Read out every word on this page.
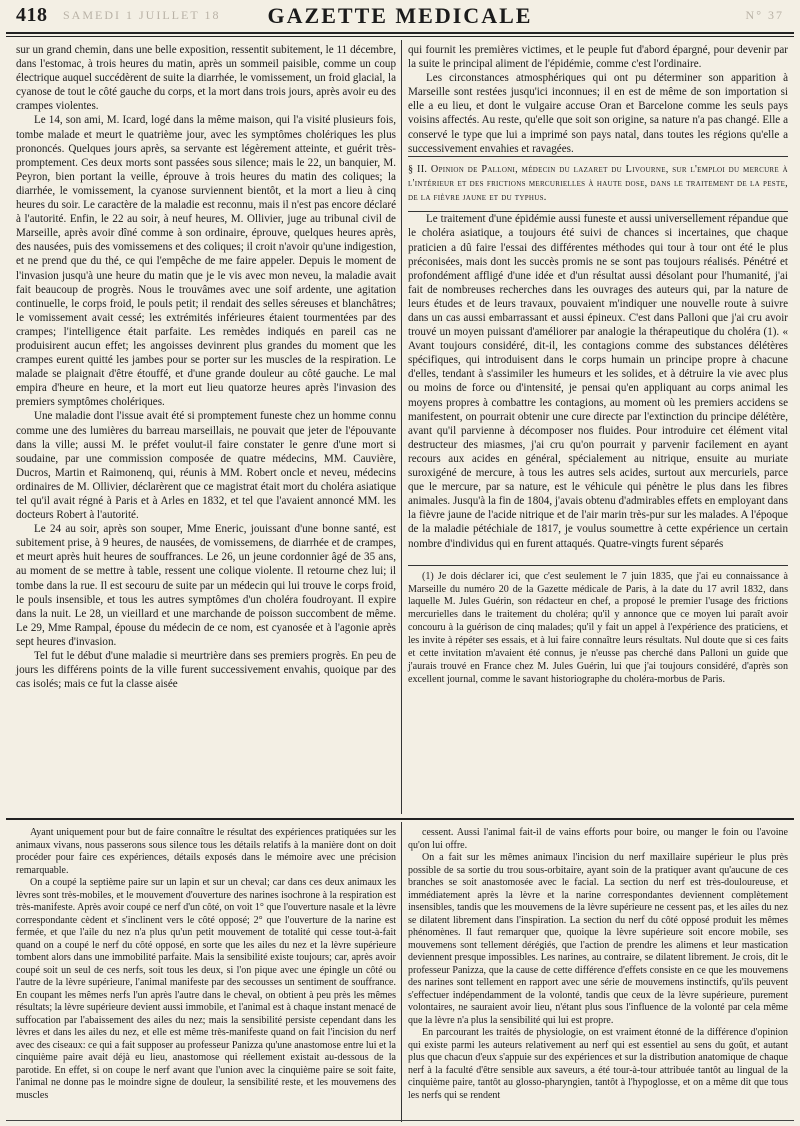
418 SAMEDI 1 JUILLET 18	GAZETTE MEDICALE	N° 37

sur un grand chemin, dans une belle exposition, ressentit subitement, le 11 décembre, dans l'estomac, à trois heures du matin, après un sommeil paisible, comme un coup électrique auquel succédèrent de suite la diarrhée, le vomissement, un froid glacial, la cyanose de tout le côté gauche du corps, et la mort dans trois jours, après avoir eu des crampes violentes.

Le 14, son ami, M. Icard, logé dans la même maison, qui l'a visité plusieurs fois, tombe malade et meurt le quatrième jour, avec les symptômes cholériques les plus prononcés. Quelques jours après, sa servante est légèrement atteinte, et guérit très-promptement. Ces deux morts sont passées sous silence; mais le 22, un banquier, M. Peyron, bien portant la veille, éprouve à trois heures du matin des coliques; la diarrhée, le vomissement, la cyanose surviennent bientôt, et la mort a lieu à cinq heures du soir. Le caractère de la maladie est reconnu, mais il n'est pas encore déclaré à l'autorité. Enfin, le 22 au soir, à neuf heures, M. Ollivier, juge au tribunal civil de Marseille, après avoir dîné comme à son ordinaire, éprouve, quelques heures après, des nausées, puis des vomissemens et des coliques; il croit n'avoir qu'une indigestion, et ne prend que du thé, ce qui l'empêche de me faire appeler. Depuis le moment de l'invasion jusqu'à une heure du matin que je le vis avec mon neveu, la maladie avait fait beaucoup de progrès. Nous le trouvâmes avec une soif ardente, une agitation continuelle, le corps froid, le pouls petit; il rendait des selles séreuses et blanchâtres; le vomissement avait cessé; les extrémités inférieures étaient tourmentées par des crampes; l'intelligence était parfaite. Les remèdes indiqués en pareil cas ne produisirent aucun effet; les angoisses devinrent plus grandes du moment que les crampes eurent quitté les jambes pour se porter sur les muscles de la respiration. Le malade se plaignait d'être étouffé, et d'une grande douleur au côté gauche. Le mal empira d'heure en heure, et la mort eut lieu quatorze heures après l'invasion des premiers symptômes cholériques.

Une maladie dont l'issue avait été si promptement funeste chez un homme connu comme une des lumières du barreau marseillais, ne pouvait que jeter de l'épouvante dans la ville; aussi M. le préfet voulut-il faire constater le genre d'une mort si soudaine, par une commission composée de quatre médecins, MM. Cauvière, Ducros, Martin et Raimonenq, qui, réunis à MM. Robert oncle et neveu, médecins ordinaires de M. Ollivier, déclarèrent que ce magistrat était mort du choléra asiatique tel qu'il avait régné à Paris et à Arles en 1832, et tel que l'avaient annoncé MM. les docteurs Robert à l'autorité.

Le 24 au soir, après son souper, Mme Eneric, jouissant d'une bonne santé, est subitement prise, à 9 heures, de nausées, de vomissemens, de diarrhée et de crampes, et meurt après huit heures de souffrances. Le 26, un jeune cordonnier âgé de 35 ans, au moment de se mettre à table, ressent une colique violente. Il retourne chez lui; il tombe dans la rue. Il est secouru de suite par un médecin qui lui trouve le corps froid, le pouls insensible, et tous les autres symptômes d'un choléra foudroyant. Il expire dans la nuit. Le 28, un vieillard et une marchande de poisson succombent de même. Le 29, Mme Rampal, épouse du médecin de ce nom, est cyanosée et à l'agonie après sept heures d'invasion.

Tel fut le début d'une maladie si meurtrière dans ses premiers progrès. En peu de jours les différens points de la ville furent successivement envahis, quoique par des cas isolés; mais ce fut la classe aisée

qui fournit les premières victimes, et le peuple fut d'abord épargné, pour devenir par la suite le principal aliment de l'épidémie, comme c'est l'ordinaire.

Les circonstances atmosphériques qui ont pu déterminer son apparition à Marseille sont restées jusqu'ici inconnues; il en est de même de son importation si elle a eu lieu, et dont le vulgaire accuse Oran et Barcelone comme les seuls pays voisins affectés. Au reste, qu'elle que soit son origine, sa nature n'a pas changé. Elle a conservé le type que lui a imprimé son pays natal, dans toutes les régions qu'elle a successivement envahies et ravagées.

§ II. Opinion de Palloni, médecin du lazaret du Livourne, sur l'emploi du mercure à l'intérieur et des frictions mercurielles à haute dose, dans le traitement de la peste, de la fièvre jaune et du typhus.

Le traitement d'une épidémie aussi funeste et aussi universellement répandue que le choléra asiatique, a toujours été suivi de chances si incertaines, que chaque praticien a dû faire l'essai des différentes méthodes qui tour à tour ont été le plus préconisées, mais dont les succès promis ne se sont pas toujours réalisés. Pénétré et profondément affligé d'une idée et d'un résultat aussi désolant pour l'humanité, j'ai fait de nombreuses recherches dans les ouvrages des auteurs qui, par la nature de leurs études et de leurs travaux, pouvaient m'indiquer une nouvelle route à suivre dans un cas aussi embarrassant et aussi épineux. C'est dans Palloni que j'ai cru avoir trouvé un moyen puissant d'améliorer par analogie la thérapeutique du choléra (1). « Avant toujours considéré, dit-il, les contagions comme des substances délétères spécifiques, qui introduisent dans le corps humain un principe propre à chacune d'elles, tendant à s'assimiler les humeurs et les solides, et à détruire la vie avec plus ou moins de force ou d'intensité, je pensai qu'en appliquant au corps animal les moyens propres à combattre les contagions, au moment où les premiers accidens se manifestent, on pourrait obtenir une cure directe par l'extinction du principe délétère, avant qu'il parvienne à décomposer nos fluides. Pour introduire cet élément vital destructeur des miasmes, j'ai cru qu'on pourrait y parvenir facilement en ayant recours aux acides en général, spécialement au nitrique, ensuite au muriate suroxigéné de mercure, à tous les autres sels acides, surtout aux mercuriels, parce que le mercure, par sa nature, est le véhicule qui pénètre le plus dans les fibres animales. Jusqu'à la fin de 1804, j'avais obtenu d'admirables effets en employant dans la fièvre jaune de l'acide nitrique et de l'air marin très-pur sur les malades. A l'époque de la maladie pétéchiale de 1817, je voulus soumettre à cette expérience un certain nombre d'individus qui en furent attaqués. Quatre-vingts furent séparés

(1) Je dois déclarer ici, que c'est seulement le 7 juin 1835, que j'ai eu connaissance à Marseille du numéro 20 de la Gazette médicale de Paris, à la date du 17 avril 1832, dans laquelle M. Jules Guérin, son rédacteur en chef, a proposé le premier l'usage des frictions mercurielles dans le traitement du choléra; qu'il y annonce que ce moyen lui paraît avoir concouru à la guérison de cinq malades; qu'il y fait un appel à l'expérience des praticiens, et les invite à répéter ses essais, et à lui faire connaître leurs résultats. Nul doute que si ces faits et cette invitation m'avaient été connus, je n'eusse pas cherché dans Palloni un guide que j'aurais trouvé en France chez M. Jules Guérin, lui que j'ai toujours considéré, d'après son excellent journal, comme le savant historiographe du choléra-morbus de Paris.

Ayant uniquement pour but de faire connaître le résultat des expériences pratiquées sur les animaux vivans, nous passerons sous silence tous les détails relatifs à la manière dont on doit procéder pour faire ces expériences, détails exposés dans le mémoire avec une précision remarquable.

On a coupé la septième paire sur un lapin et sur un cheval; car dans ces deux animaux les lèvres sont très-mobiles, et le mouvement d'ouverture des narines isochrone à la respiration est très-manifeste. Après avoir coupé ce nerf d'un côté, on voit 1° que l'ouverture nasale et la lèvre correspondante cèdent et s'inclinent vers le côté opposé; 2° que l'ouverture de la narine est fermée, et que l'aile du nez n'a plus qu'un petit mouvement de totalité qui cesse tout-à-fait quand on a coupé le nerf du côté opposé, en sorte que les ailes du nez et la lèvre supérieure tombent alors dans une immobilité parfaite. Mais la sensibilité existe toujours; car, après avoir coupé soit un seul de ces nerfs, soit tous les deux, si l'on pique avec une épingle un côté ou l'autre de la lèvre supérieure, l'animal manifeste par des secousses un sentiment de souffrance. En coupant les mêmes nerfs l'un après l'autre dans le cheval, on obtient à peu près les mêmes résultats; la lèvre supérieure devient aussi immobile, et l'animal est à chaque instant menacé de suffocation par l'abaissement des ailes du nez; mais la sensibilité persiste cependant dans les lèvres et dans les ailes du nez, et elle est même très-manifeste quand on fait l'incision du nerf avec des ciseaux: ce qui a fait supposer au professeur Panizza qu'une anastomose entre lui et la cinquième paire avait déjà eu lieu, anastomose qui réellement existait au-dessous de la parotide. En effet, si on coupe le nerf avant que l'union avec la cinquième paire se soit faite, l'animal ne donne pas le moindre signe de douleur, la sensibilité reste, et les mouvemens des muscles

cessent. Aussi l'animal fait-il de vains efforts pour boire, ou manger le foin ou l'avoine qu'on lui offre.

On a fait sur les mêmes animaux l'incision du nerf maxillaire supérieur le plus près possible de sa sortie du trou sous-orbitaire, ayant soin de la pratiquer avant qu'aucune de ces branches se soit anastomosée avec le facial. La section du nerf est très-douloureuse, et immédiatement après la lèvre et la narine correspondantes deviennent complètement insensibles, tandis que les mouvemens de la lèvre supérieure ne cessent pas, et les ailes du nez se dilatent librement dans l'inspiration. La section du nerf du côté opposé produit les mêmes phénomènes. Il faut remarquer que, quoique la lèvre supérieure soit encore mobile, ses mouvemens sont tellement dérégiés, que l'action de prendre les alimens et leur mastication deviennent presque impossibles. Les narines, au contraire, se dilatent librement. Je crois, dit le professeur Panizza, que la cause de cette différence d'effets consiste en ce que les mouvemens des narines sont tellement en rapport avec une série de mouvemens instinctifs, qu'ils peuvent s'effectuer indépendamment de la volonté, tandis que ceux de la lèvre supérieure, purement volontaires, ne sauraient avoir lieu, n'étant plus sous l'influence de la volonté par cela même que la lèvre n'a plus la sensibilité qui lui est propre.

En parcourant les traités de physiologie, on est vraiment étonné de la différence d'opinion qui existe parmi les auteurs relativement au nerf qui est essentiel au sens du goût, et autant plus que chacun d'eux s'appuie sur des expériences et sur la distribution anatomique de chaque nerf à la faculté d'être sensible aux saveurs, a été tour-à-tour attribuée tantôt au lingual de la cinquième paire, tantôt au glosso-pharyngien, tantôt à l'hypoglosse, et on a même dit que tous les nerfs qui se rendent
